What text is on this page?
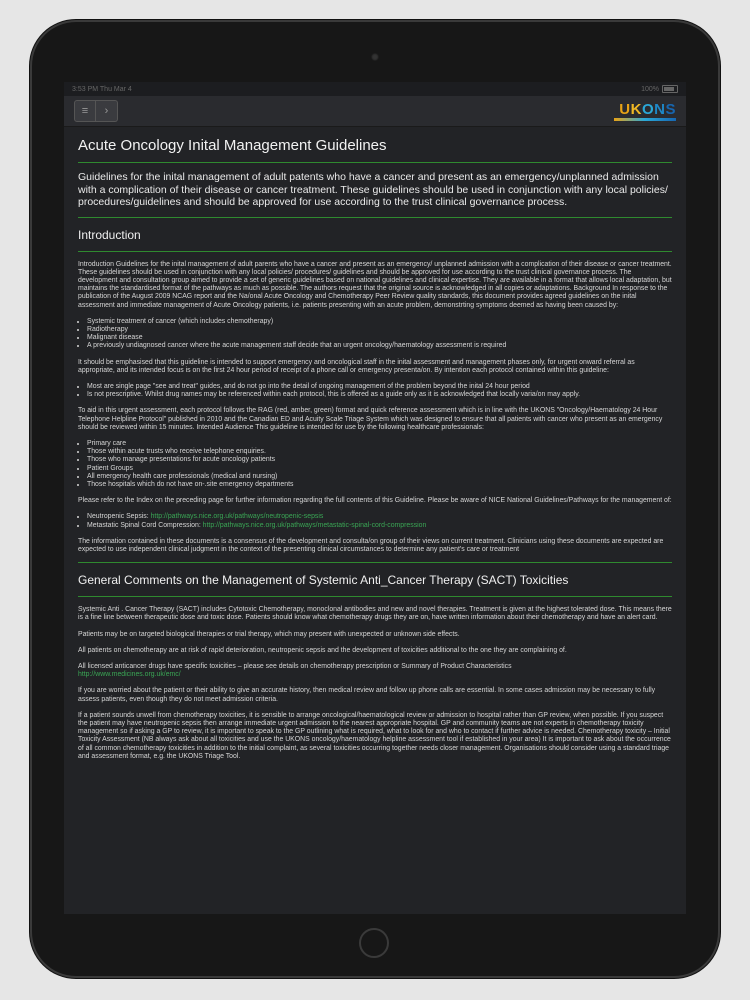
3:53 PM Thu Mar 4	100%
≡ ›	UKONS
Acute Oncology Inital Management Guidelines

Guidelines for the inital management of adult patents who have a cancer and present as an emergency/unplanned admission with a complication of their disease or cancer treatment. These guidelines should be used in conjunction with any local policies/ procedures/guidelines and should be approved for use according to the trust clinical governance process.

Introduction

Introduction Guidelines for the inital management of adult parents who have a cancer and present as an emergency/ unplanned admission with a complication of their disease or cancer treatment. These guidelines should be used in conjunction with any local policies/ procedures/ guidelines and should be approved for use according to the trust clinical governance process. The development and consultation group aimed to provide a set of generic guidelines based on national guidelines and clinical expertise. They are available in a format that allows local adaptation, but maintains the standardised format of the pathways as much as possible. The authors request that the original source is acknowledged in all copies or adaptations. Background In response to the publication of the August 2009 NCAG report and the Na/onal Acute Oncology and Chemotherapy Peer Review quality standards, this document provides agreed guidelines on the inital assessment and immediate management of Acute Oncology patients, i.e. patients presenting with an acute problem, demonstrting symptoms deemed as having been caused by:

• Systemic treatment of cancer (which includes chemotherapy)
• Radiotherapy
• Malignant disease
• A previously undiagnosed cancer where the acute management staff decide that an urgent oncology/haematology assessment is required

It should be emphasised that this guideline is intended to support emergency and oncological staff in the inital assessment and management phases only, for urgent onward referral as appropriate, and its intended focus is on the first 24 hour period of receipt of a phone call or emergency presenta/on. By intention each protocol contained within this guideline:

• Most are single page "see and treat" guides, and do not go into the detail of ongoing management of the problem beyond the inital 24 hour period
• Is not prescriptive. Whilst drug names may be referenced within each protocol, this is offered as a guide only as it is acknowledged that locally varia/on may apply.

To aid in this urgent assessment, each protocol follows the RAG (red, amber, green) format and quick reference assessment which is in line with the UKONS "Oncology/Haematology 24 Hour Telephone Helpline Protocol" published in 2010 and the Canadian ED and Acuity Scale Triage System which was designed to ensure that all patients with cancer who present as an emergency should be reviewed within 15 minutes. Intended Audience This guideline is intended for use by the following healthcare professionals:

• Primary care
• Those within acute trusts who receive telephone enquiries.
• Those who manage presentations for acute oncology patients
• Patient Groups
• All emergency health care professionals (medical and nursing)
• Those hospitals which do not have on-.site emergency departments

Please refer to the Index on the preceding page for further information regarding the full contents of this Guideline. Please be aware of NICE National Guidelines/Pathways for the management of:

• Neutropenic Sepsis: http://pathways.nice.org.uk/pathways/neutropenic-sepsis
• Metastatic Spinal Cord Compression: http://pathways.nice.org.uk/pathways/metastatic-spinal-cord-compression

The information contained in these documents is a consensus of the development and consulta/on group of their views on current treatment. Clinicians using these documents are expected are expected to use independent clinical judgment in the context of the presenting clinical circumstances to determine any patient's care or treatment

General Comments on the Management of Systemic Anti_Cancer Therapy (SACT) Toxicities

Systemic Anti . Cancer Therapy (SACT) includes Cytotoxic Chemotherapy, monoclonal antibodies and new and novel therapies. Treatment is given at the highest tolerated dose. This means there is a fine line between therapeutic dose and toxic dose. Patients should know what chemotherapy drugs they are on, have written information about their chemotherapy and have an alert card.

Patients may be on targeted biological therapies or trial therapy, which may present with unexpected or unknown side effects.

All patients on chemotherapy are at risk of rapid deterioration, neutropenic sepsis and the development of toxicities additional to the one they are complaining of.

All licensed anticancer drugs have specific toxicities – please see details on chemotherapy prescription or Summary of Product Characteristics
http://www.medicines.org.uk/emc/

If you are worried about the patient or their ability to give an accurate history, then medical review and follow up phone calls are essential. In some cases admission may be necessary to fully assess patients, even though they do not meet admission criteria.

If a patient sounds unwell from chemotherapy toxicities, it is sensible to arrange oncological/haematological review or admission to hospital rather than GP review, when possible. If you suspect the patient may have neutropenic sepsis then arrange immediate urgent admission to the nearest appropriate hospital. GP and community teams are not experts in chemotherapy toxicity management so if asking a GP to review, it is important to speak to the GP outlining what is required, what to look for and who to contact if further advice is needed. Chemotherapy toxicity – Initial Toxicity Assessment (NB always ask about all toxicities and use the UKONS oncology/haematology helpline assessment tool if established in your area) It is important to ask about the occurrence of all common chemotherapy toxicities in addition to the initial complaint, as several toxicities occurring together needs closer management. Organisations should consider using a standard triage and assessment format, e.g. the UKONS Triage Tool.
